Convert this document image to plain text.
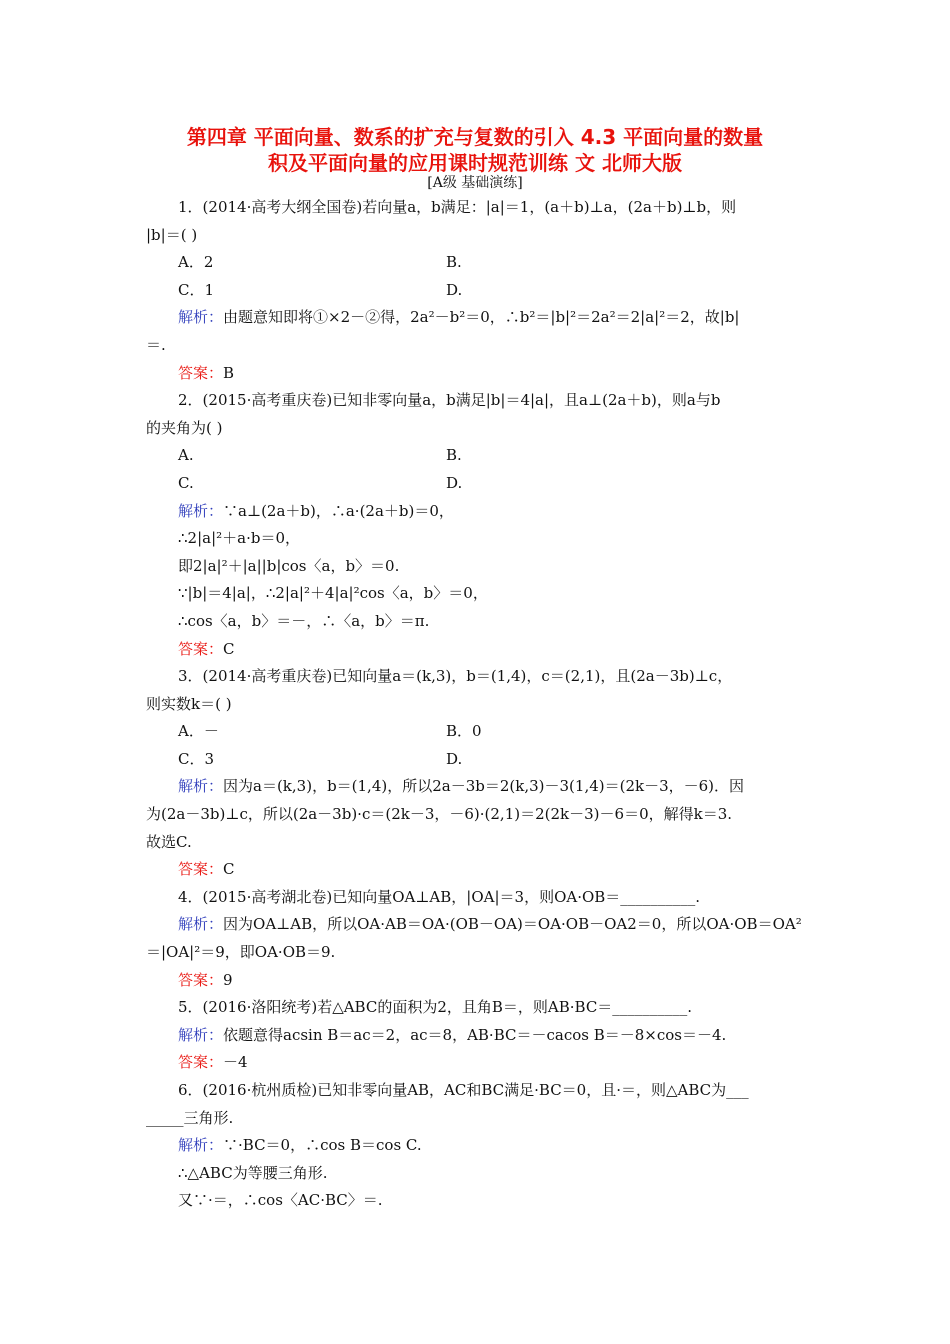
第四章 平面向量、数系的扩充与复数的引入 4.3 平面向量的数量
积及平面向量的应用课时规范训练 文 北师大版
[A级 基础演练]
1．(2014·高考大纲全国卷)若向量a，b满足：|a|＝1，(a＋b)⊥a，(2a＋b)⊥b，则
|b|＝( )
A．2	B.
C．1	D.
解析：由题意知即将①×2－②得，2a²－b²＝0，∴b²＝|b|²＝2a²＝2|a|²＝2，故|b|
＝.
答案：B
2．(2015·高考重庆卷)已知非零向量a，b满足|b|＝4|a|，且a⊥(2a＋b)，则a与b
的夹角为( )
A.	B.
C.	D.
解析：∵a⊥(2a＋b)，∴a·(2a＋b)＝0，
∴2|a|²＋a·b＝0，
即2|a|²＋|a||b|cos〈a，b〉＝0.
∵|b|＝4|a|，∴2|a|²＋4|a|²cos〈a，b〉＝0，
∴cos〈a，b〉＝－，∴〈a，b〉＝π.
答案：C
3．(2014·高考重庆卷)已知向量a＝(k,3)，b＝(1,4)，c＝(2,1)，且(2a－3b)⊥c，
则实数k＝( )
A．－	B．0
C．3	D.
解析：因为a＝(k,3)，b＝(1,4)，所以2a－3b＝2(k,3)－3(1,4)＝(2k－3，－6)．因
为(2a－3b)⊥c，所以(2a－3b)·c＝(2k－3，－6)·(2,1)＝2(2k－3)－6＝0，解得k＝3.
故选C.
答案：C
4．(2015·高考湖北卷)已知向量OA⊥AB，|OA|＝3，则OA·OB＝__________.
解析：因为OA⊥AB，所以OA·AB＝OA·(OB－OA)＝OA·OB－OA2＝0，所以OA·OB＝OA²
＝|OA|²＝9，即OA·OB＝9.
答案：9
5．(2016·洛阳统考)若△ABC的面积为2，且角B＝，则AB·BC＝__________.
解析：依题意得acsin B＝ac＝2，ac＝8，AB·BC＝－cacos B＝－8×cos＝－4.
答案：－4
6．(2016·杭州质检)已知非零向量AB，AC和BC满足·BC＝0，且·＝，则△ABC为___
_____三角形.
解析：∵·BC＝0，∴cos B＝cos C.
∴△ABC为等腰三角形.
又∵·＝，∴cos〈AC·BC〉＝.
